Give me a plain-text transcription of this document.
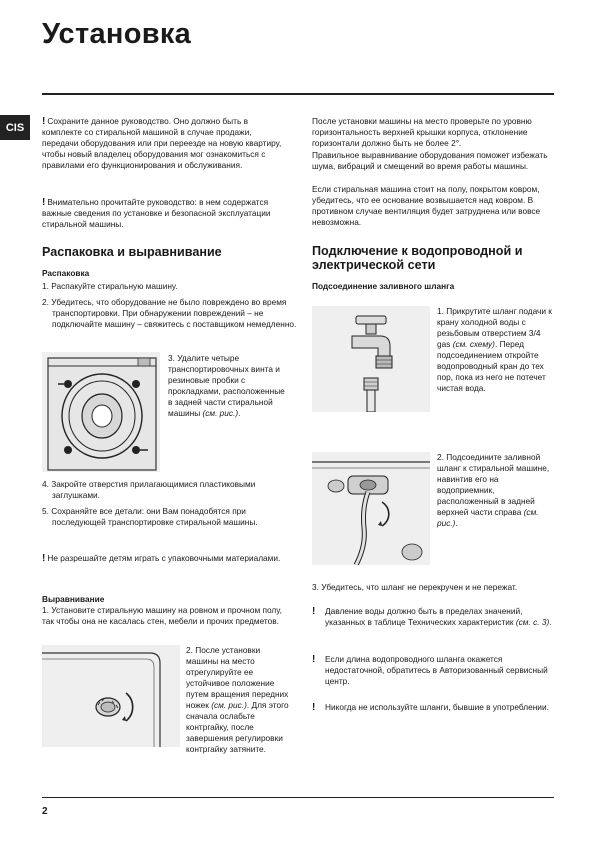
Установка
CIS	! Сохраните данное руководство. Оно должно быть в комплекте со стиральной машиной в случае продажи, передачи оборудования или при переезде на новую квартиру, чтобы новый владелец оборудования мог ознакомиться с правилами его функционирования и обслуживания.
! Внимательно прочитайте руководство: в нем содержатся важные сведения по установке и безопасной эксплуатации стиральной машины.
Распаковка и выравнивание
Распаковка
1. Распакуйте стиральную машину.
2. Убедитесь, что оборудование не было повреждено во время транспортировки. При обнаружении повреждений – не подключайте машину – свяжитесь с поставщиком немедленно.
3. Удалите четыре транспортировочных винта и резиновые пробки с прокладками, расположенные в задней части стиральной машины (см. рис.).
4. Закройте отверстия прилагающимися пластиковыми заглушками.
5. Сохраняйте все детали: они Вам понадобятся при последующей транспортировке стиральной машины.
! Не разрешайте детям играть с упаковочными материалами.
Выравнивание
1. Установите стиральную машину на ровном и прочном полу, так чтобы она не касалась стен, мебели и прочих предметов.
2. После установки машины на место отрегулируйте ее устойчивое положение путем вращения передних ножек (см. рис.). Для этого сначала ослабьте контргайку, после завершения регулировки контргайку затяните.
После установки машины на место проверьте по уровню горизонтальность верхней крышки корпуса, отклонение горизонтали должно быть не более 2°.
Правильное выравнивание оборудования поможет избежать шума, вибраций и смещений во время работы машины.
Если стиральная машина стоит на полу, покрытом ковром, убедитесь, что ее основание возвышается над ковром. В противном случае вентиляция будет затруднена или вовсе невозможна.
Подключение к водопроводной и электрической сети
Подсоединение заливного шланга
1. Прикрутите шланг подачи к крану холодной воды с резьбовым отверстием 3/4 gas (см. схему). Перед подсоединением откройте водопроводный кран до тех пор, пока из него не потечет чистая вода.
2. Подсоедините заливной шланг к стиральной машине, навинтив его на водоприемник, расположенный в задней верхней части справа (см. рис.).
3. Убедитесь, что шланг не перекручен и не пережат.
!	Давление воды должно быть в пределах значений, указанных в таблице Технических характеристик (см. с. 3).
!	Если длина водопроводного шланга окажется недостаточной, обратитесь в Авторизованный сервисный центр.
!	Никогда не используйте шланги, бывшие в употреблении.
2
